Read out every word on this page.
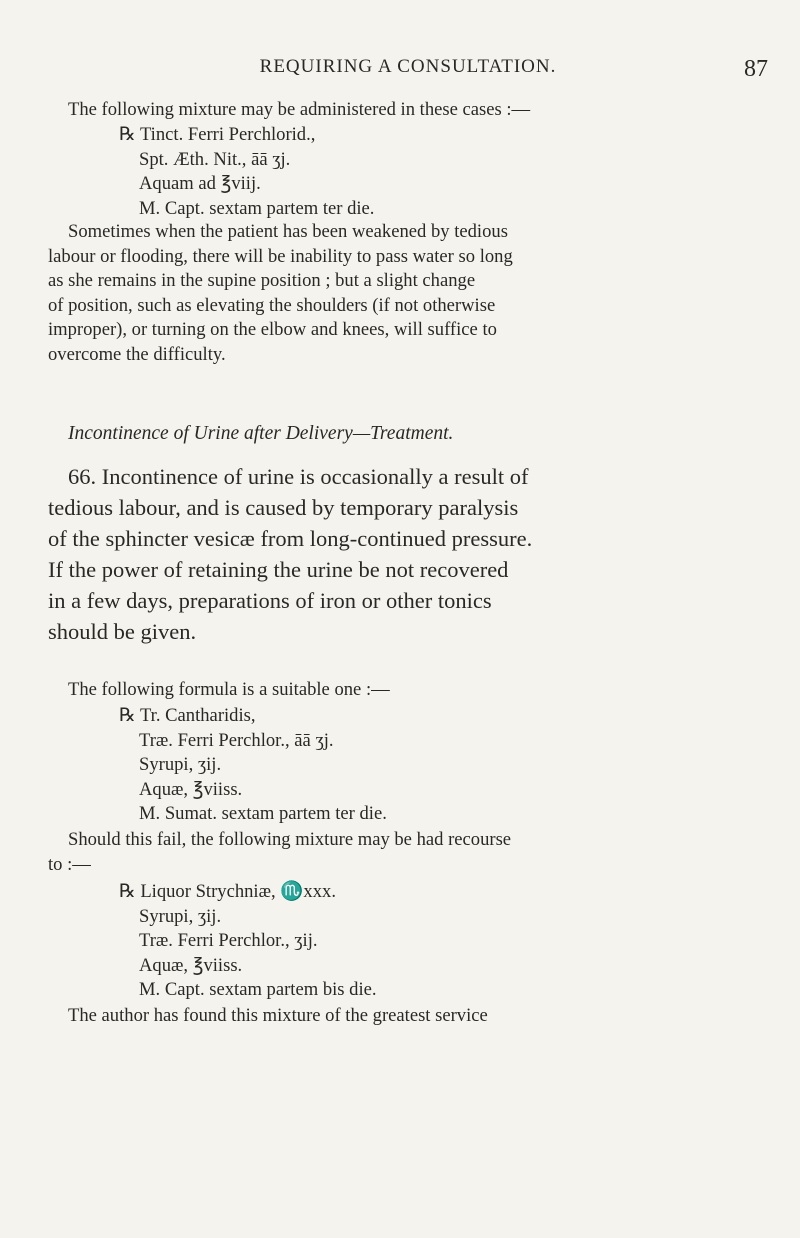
REQUIRING A CONSULTATION.	87
The following mixture may be administered in these cases :—
℞ Tinct. Ferri Perchlorid.,
Spt. Æth. Nit., āā ʒj.
Aquam ad ℥viij.
M. Capt. sextam partem ter die.
Sometimes when the patient has been weakened by tedious
labour or flooding, there will be inability to pass water so long
as she remains in the supine position ; but a slight change
of position, such as elevating the shoulders (if not otherwise
improper), or turning on the elbow and knees, will suffice to
overcome the difficulty.
Incontinence of Urine after Delivery—Treatment.
66. Incontinence of urine is occasionally a result of
tedious labour, and is caused by temporary paralysis
of the sphincter vesicæ from long-continued pressure.
If the power of retaining the urine be not recovered
in a few days, preparations of iron or other tonics
should be given.
The following formula is a suitable one :—
℞ Tr. Cantharidis,
Træ. Ferri Perchlor., āā ʒj.
Syrupi, ʒij.
Aquæ, ℥viiss.
M. Sumat. sextam partem ter die.
Should this fail, the following mixture may be had recourse
to :—
℞ Liquor Strychniæ, ♏xxx.
Syrupi, ʒij.
Træ. Ferri Perchlor., ʒij.
Aquæ, ℥viiss.
M. Capt. sextam partem bis die.
The author has found this mixture of the greatest service
